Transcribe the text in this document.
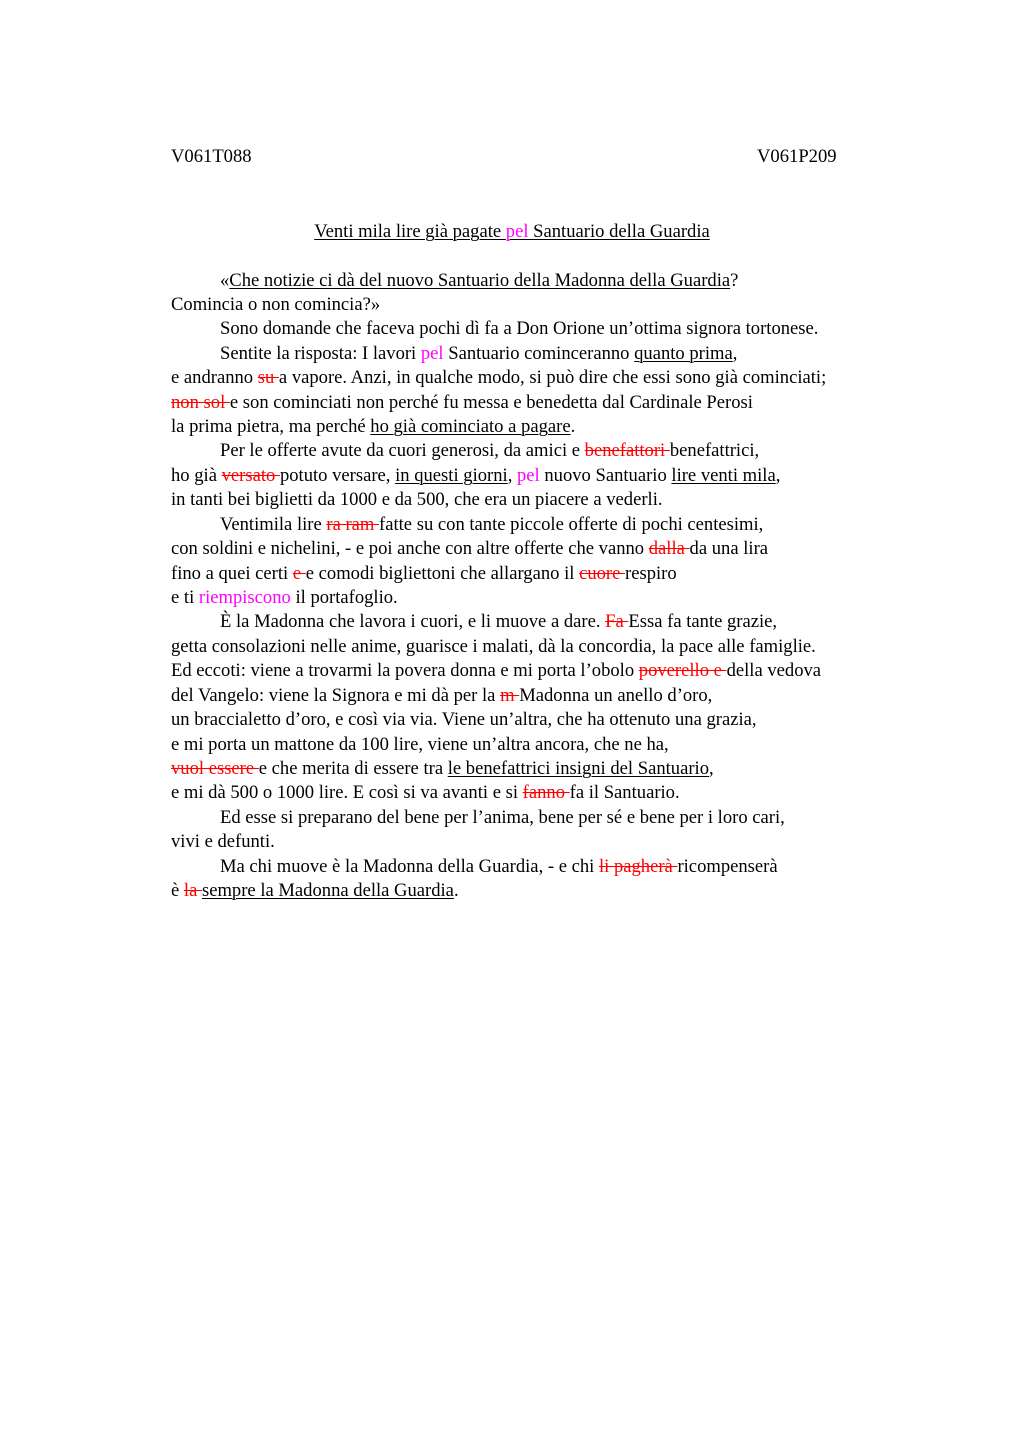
V061T088	V061P209
Venti mila lire già pagate pel Santuario della Guardia
«Che notizie ci dà del nuovo Santuario della Madonna della Guardia?
Comincia o non comincia?»
Sono domande che faceva pochi dì fa a Don Orione un’ottima signora tortonese.
Sentite la risposta: I lavori pel Santuario cominceranno quanto prima,
e andranno su a vapore. Anzi, in qualche modo, si può dire che essi sono già cominciati;
non sol e son cominciati non perché fu messa e benedetta dal Cardinale Perosi
la prima pietra, ma perché ho già cominciato a pagare.
Per le offerte avute da cuori generosi, da amici e benefattori benefattrici,
ho già versato potuto versare, in questi giorni, pel nuovo Santuario lire venti mila,
in tanti bei biglietti da 1000 e da 500, che era un piacere a vederli.
Ventimila lire ra ram fatte su con tante piccole offerte di pochi centesimi,
con soldini e nichelini, - e poi anche con altre offerte che vanno dalla da una lira
fino a quei certi e e comodi bigliettoni che allargano il cuore respiro
e ti riempiscono il portafoglio.
È la Madonna che lavora i cuori, e li muove a dare. Fa Essa fa tante grazie,
getta consolazioni nelle anime, guarisce i malati, dà la concordia, la pace alle famiglie.
Ed eccoti: viene a trovarmi la povera donna e mi porta l’obolo poverello e della vedova
del Vangelo: viene la Signora e mi dà per la m Madonna un anello d’oro,
un braccialetto d’oro, e così via via. Viene un’altra, che ha ottenuto una grazia,
e mi porta un mattone da 100 lire, viene un’altra ancora, che ne ha,
vuol essere e che merita di essere tra le benefattrici insigni del Santuario,
e mi dà 500 o 1000 lire. E così si va avanti e si fanno fa il Santuario.
Ed esse si preparano del bene per l’anima, bene per sé e bene per i loro cari,
vivi e defunti.
Ma chi muove è la Madonna della Guardia, - e chi li pagherà ricompenserà
è la sempre la Madonna della Guardia.
